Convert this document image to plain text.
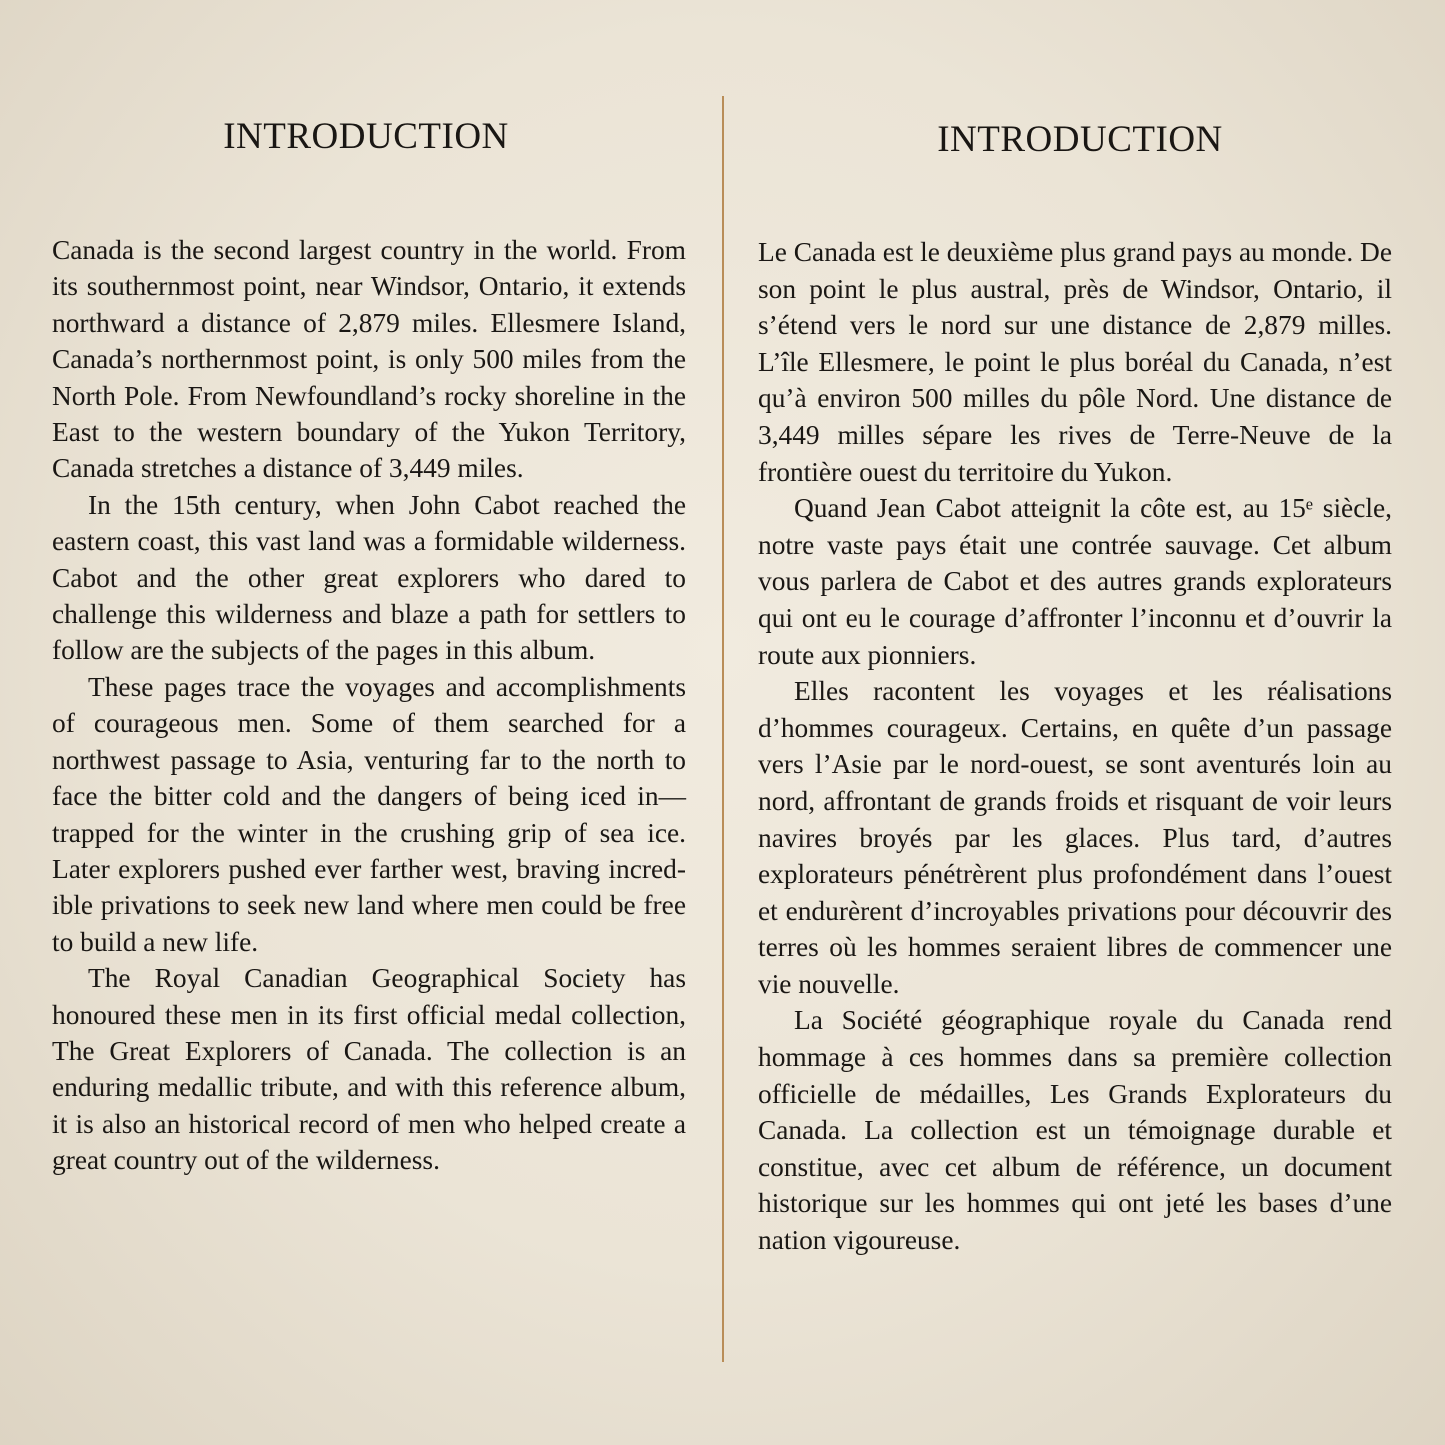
INTRODUCTION

Canada is the second largest country in the world. From its southernmost point, near Windsor, Ontario, it extends northward a distance of 2,879 miles. Ellesmere Island, Canada’s northernmost point, is only 500 miles from the North Pole. From Newfoundland’s rocky shoreline in the East to the western boundary of the Yukon Territory, Canada stretches a distance of 3,449 miles.

In the 15th century, when John Cabot reached the eastern coast, this vast land was a formidable wilderness. Cabot and the other great explorers who dared to challenge this wilderness and blaze a path for settlers to follow are the subjects of the pages in this album.

These pages trace the voyages and accomplishments of courageous men. Some of them searched for a northwest passage to Asia, venturing far to the north to face the bitter cold and the dangers of being iced in—trapped for the winter in the crushing grip of sea ice. Later explorers pushed ever farther west, braving incredible privations to seek new land where men could be free to build a new life.

The Royal Canadian Geographical Society has honoured these men in its first official medal collection, The Great Explorers of Canada. The collection is an enduring medallic tribute, and with this reference album, it is also an historical record of men who helped create a great country out of the wilderness.

INTRODUCTION

Le Canada est le deuxième plus grand pays au monde. De son point le plus austral, près de Windsor, Ontario, il s’étend vers le nord sur une distance de 2,879 milles. L’île Ellesmere, le point le plus boréal du Canada, n’est qu’à environ 500 milles du pôle Nord. Une distance de 3,449 milles sépare les rives de Terre-Neuve de la frontière ouest du territoire du Yukon.

Quand Jean Cabot atteignit la côte est, au 15ᵉ siècle, notre vaste pays était une contrée sauvage. Cet album vous parlera de Cabot et des autres grands explorateurs qui ont eu le courage d’affronter l’inconnu et d’ouvrir la route aux pionniers.

Elles racontent les voyages et les réalisations d’hommes courageux. Certains, en quête d’un passage vers l’Asie par le nord-ouest, se sont aventurés loin au nord, affrontant de grands froids et risquant de voir leurs navires broyés par les glaces. Plus tard, d’autres explorateurs pénétrèrent plus profondément dans l’ouest et endurèrent d’incroyables privations pour découvrir des terres où les hommes seraient libres de commencer une vie nouvelle.

La Société géographique royale du Canada rend hommage à ces hommes dans sa première collection officielle de médailles, Les Grands Explorateurs du Canada. La collection est un témoignage durable et constitue, avec cet album de référence, un document historique sur les hommes qui ont jeté les bases d’une nation vigoureuse.
